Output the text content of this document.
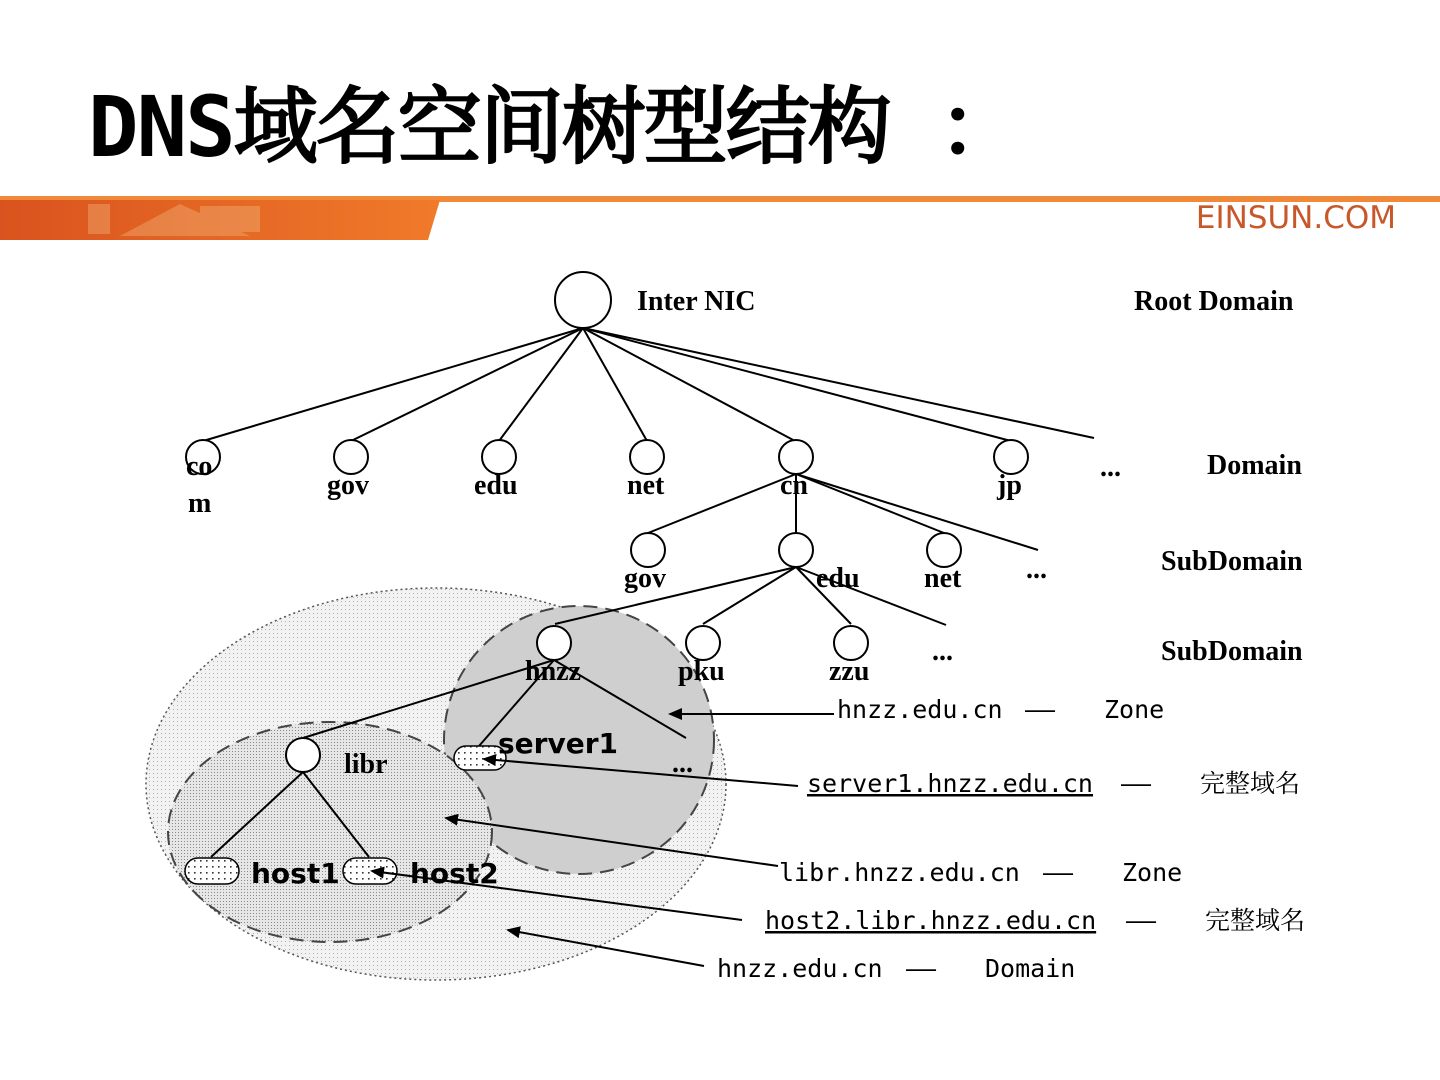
DNS域名空间树型结构 ：
EINSUN.COM
Inter NIC
co
m
gov	edu	net	cn	jp
...
gov	edu net ...
hnzz	pku	zzu
...
libr	...
server1
host1	host2
Root Domain
Domain
SubDomain
SubDomain
hnzz.edu.cn —— Zone
server1.hnzz.edu.cn —— 完整域名
libr.hnzz.edu.cn —— Zone
host2.libr.hnzz.edu.cn —— 完整域名
hnzz.edu.cn —— Domain
